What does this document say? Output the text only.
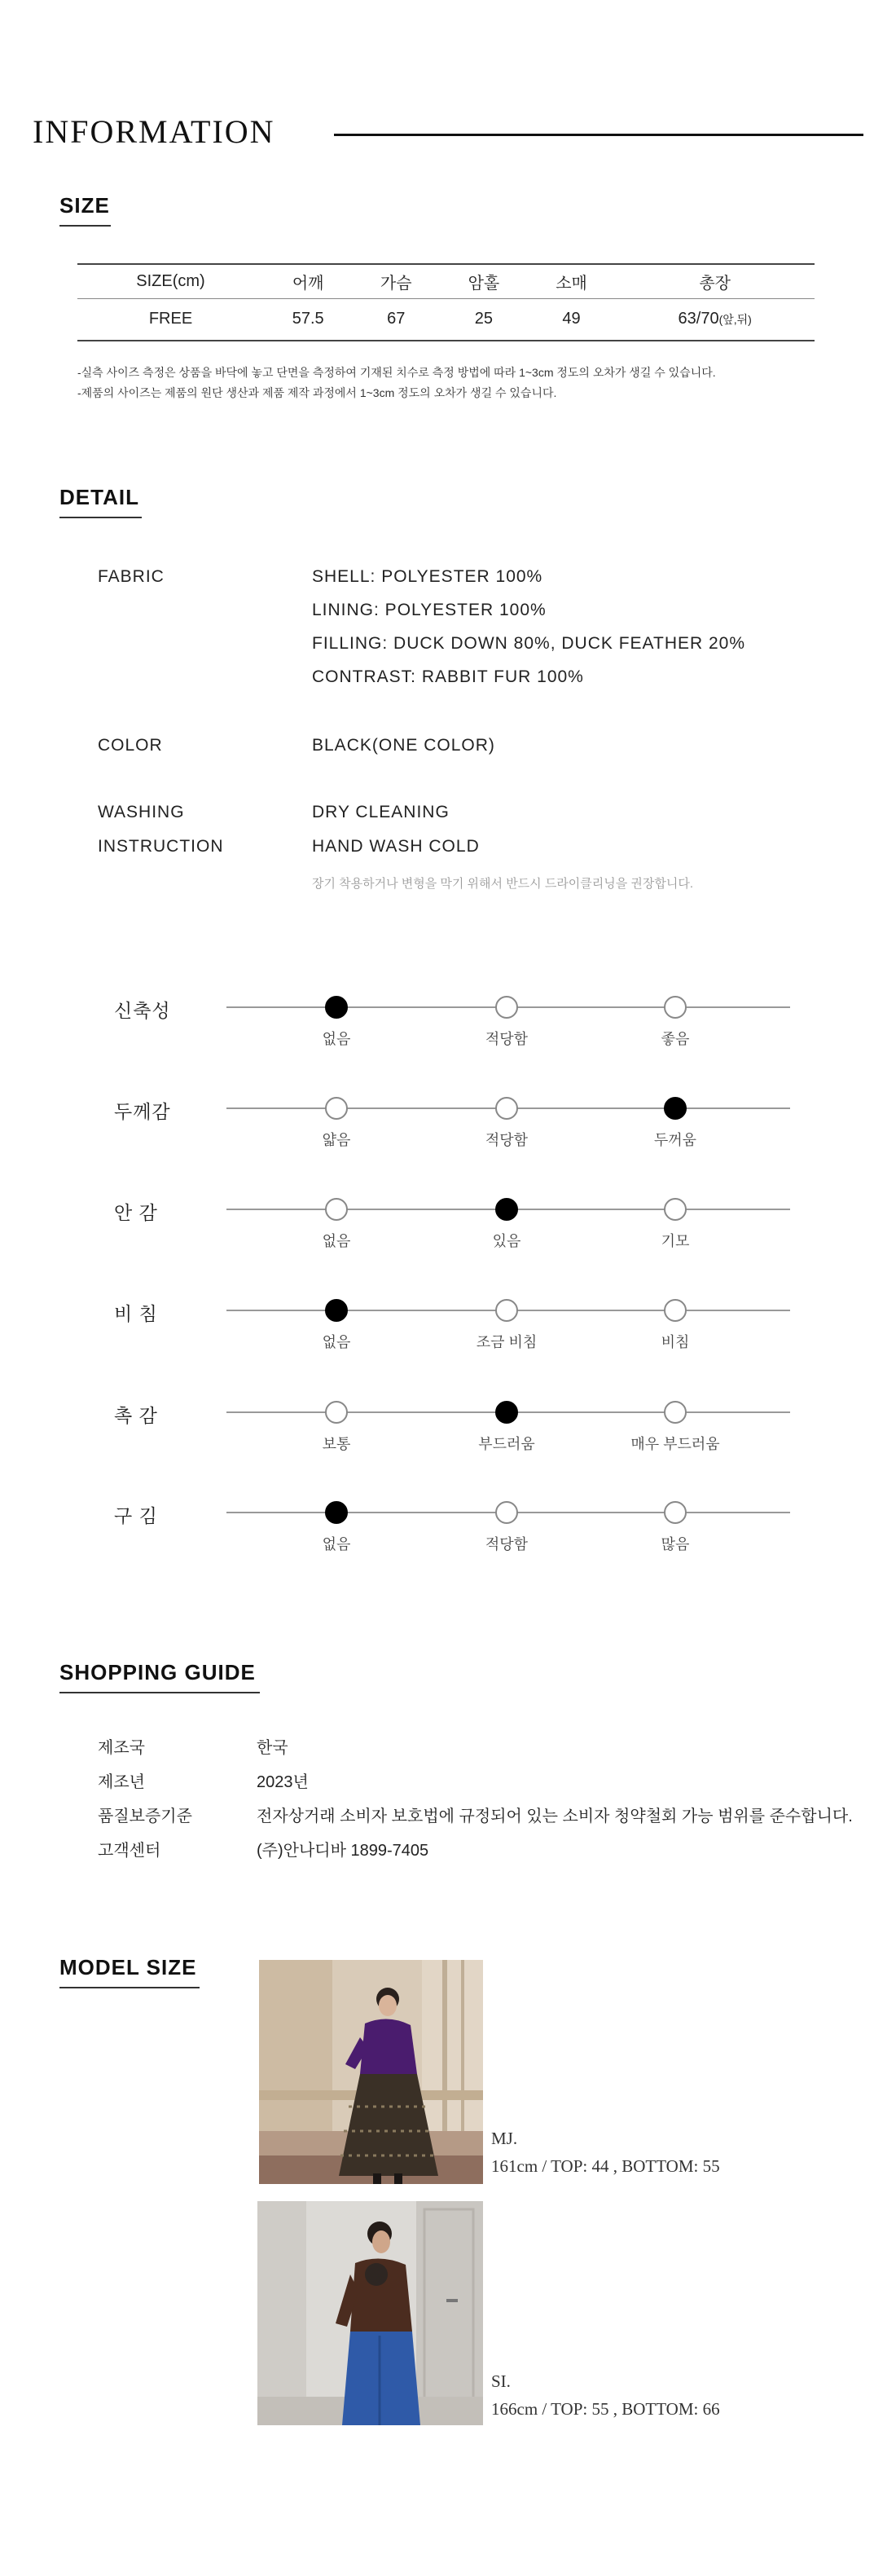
INFORMATION
SIZE
SIZE(cm)	어깨	가슴	암홀	소매	총장
FREE	57.5	67	25	49	63/70(앞,뒤)
-실측 사이즈 측정은 상품을 바닥에 놓고 단면을 측정하여 기재된 치수로 측정 방법에 따라 1~3cm 정도의 오차가 생길 수 있습니다.
-제품의 사이즈는 제품의 원단 생산과 제품 제작 과정에서 1~3cm 정도의 오차가 생길 수 있습니다.
DETAIL
FABRIC	SHELL: POLYESTER 100%
LINING: POLYESTER 100%
FILLING: DUCK DOWN 80%, DUCK FEATHER 20%
CONTRAST: RABBIT FUR 100%
COLOR	BLACK(ONE COLOR)
WASHING
INSTRUCTION
DRY CLEANING
HAND WASH COLD
장기 착용하거나 변형을 막기 위해서 반드시 드라이클리닝을 권장합니다.
신축성
없음	적당함	좋음
두께감
얇음	적당함	두꺼움
안 감
없음	있음	기모
비 침
없음	조금 비침	비침
촉 감
보통	부드러움	매우 부드러움
구 김
없음	적당함	많음
SHOPPING GUIDE
제조국	한국
제조년	2023년
품질보증기준	전자상거래 소비자 보호법에 규정되어 있는 소비자 청약철회 가능 범위를 준수합니다.
고객센터	(주)안나디바 1899-7405
MODEL SIZE
MJ.
161cm / TOP: 44 , BOTTOM: 55
SI.
166cm / TOP: 55 , BOTTOM: 66
